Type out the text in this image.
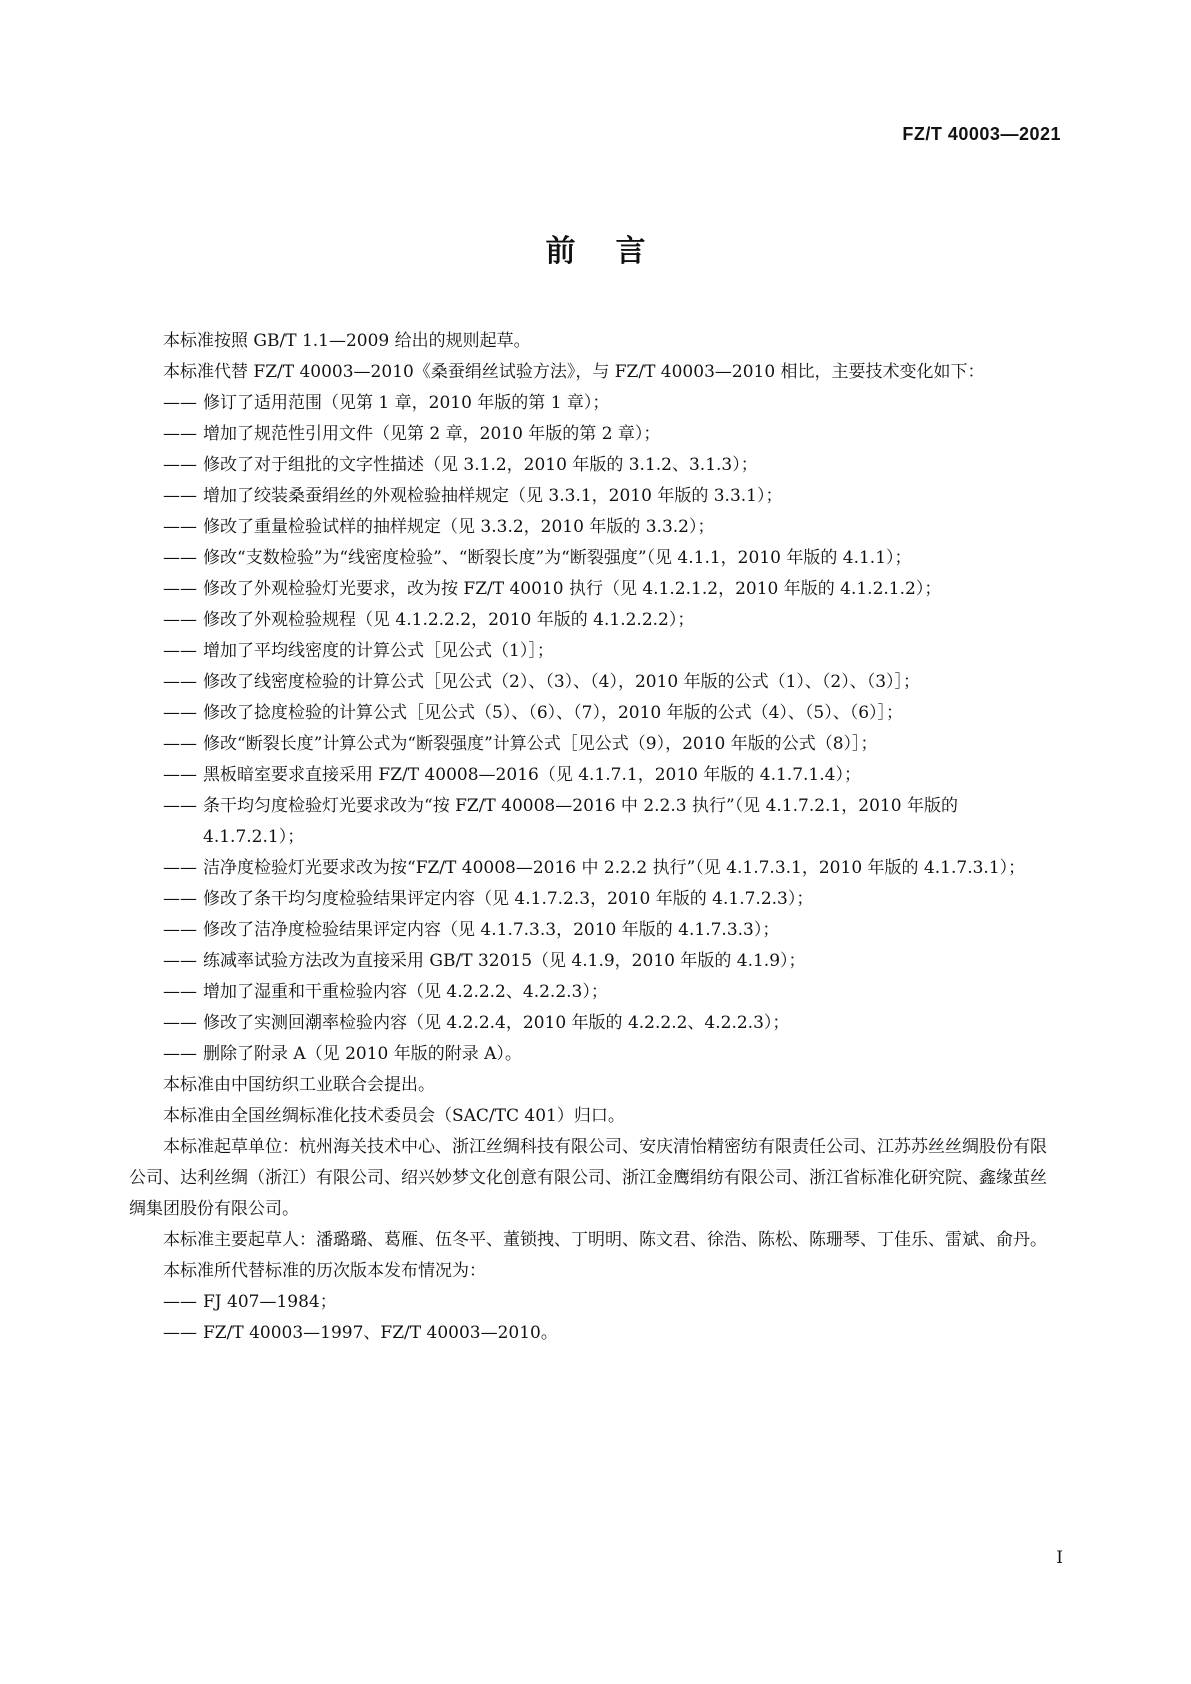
FZ/T 40003—2021
前言

本标准按照 GB/T 1.1—2009 给出的规则起草。

本标准代替 FZ/T 40003—2010《桑蚕绢丝试验方法》，与 FZ/T 40003—2010 相比，主要技术变化如下：

—— 修订了适用范围（见第 1 章，2010 年版的第 1 章）；

—— 增加了规范性引用文件（见第 2 章，2010 年版的第 2 章）；

—— 修改了对于组批的文字性描述（见 3.1.2，2010 年版的 3.1.2、3.1.3）；

—— 增加了绞装桑蚕绢丝的外观检验抽样规定（见 3.3.1，2010 年版的 3.3.1）；

—— 修改了重量检验试样的抽样规定（见 3.3.2，2010 年版的 3.3.2）；

—— 修改“支数检验”为“线密度检验”、“断裂长度”为“断裂强度”（见 4.1.1，2010 年版的 4.1.1）；

—— 修改了外观检验灯光要求，改为按 FZ/T 40010 执行（见 4.1.2.1.2，2010 年版的 4.1.2.1.2）；

—— 修改了外观检验规程（见 4.1.2.2.2，2010 年版的 4.1.2.2.2）；

—— 增加了平均线密度的计算公式［见公式（1）］；

—— 修改了线密度检验的计算公式［见公式（2）、（3）、（4），2010 年版的公式（1）、（2）、（3）］；

—— 修改了捻度检验的计算公式［见公式（5）、（6）、（7），2010 年版的公式（4）、（5）、（6）］；

—— 修改“断裂长度”计算公式为“断裂强度”计算公式［见公式（9），2010 年版的公式（8）］；

—— 黑板暗室要求直接采用 FZ/T 40008—2016（见 4.1.7.1，2010 年版的 4.1.7.1.4）；

—— 条干均匀度检验灯光要求改为“按 FZ/T 40008—2016 中 2.2.3 执行”（见 4.1.7.2.1，2010 年版的 4.1.7.2.1）；

—— 洁净度检验灯光要求改为按“FZ/T 40008—2016 中 2.2.2 执行”（见 4.1.7.3.1，2010 年版的 4.1.7.3.1）；

—— 修改了条干均匀度检验结果评定内容（见 4.1.7.2.3，2010 年版的 4.1.7.2.3）；

—— 修改了洁净度检验结果评定内容（见 4.1.7.3.3，2010 年版的 4.1.7.3.3）；

—— 练减率试验方法改为直接采用 GB/T 32015（见 4.1.9，2010 年版的 4.1.9）；

—— 增加了湿重和干重检验内容（见 4.2.2.2、4.2.2.3）；

—— 修改了实测回潮率检验内容（见 4.2.2.4，2010 年版的 4.2.2.2、4.2.2.3）；

—— 删除了附录 A（见 2010 年版的附录 A）。

本标准由中国纺织工业联合会提出。

本标准由全国丝绸标准化技术委员会（SAC/TC 401）归口。

本标准起草单位：杭州海关技术中心、浙江丝绸科技有限公司、安庆清怡精密纺有限责任公司、江苏苏丝丝绸股份有限公司、达利丝绸（浙江）有限公司、绍兴妙梦文化创意有限公司、浙江金鹰绢纺有限公司、浙江省标准化研究院、鑫缘茧丝绸集团股份有限公司。

本标准主要起草人：潘璐璐、葛雁、伍冬平、董锁拽、丁明明、陈文君、徐浩、陈松、陈珊琴、丁佳乐、雷斌、俞丹。

本标准所代替标准的历次版本发布情况为：

—— FJ 407—1984；

—— FZ/T 40003—1997、FZ/T 40003—2010。

I
